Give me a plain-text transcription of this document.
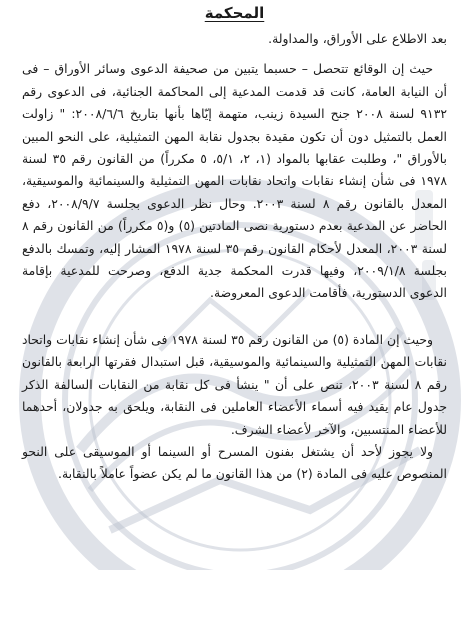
المحكمة

بعد الاطلاع على الأوراق، والمداولة.

حيث إن الوقائع تتحصل – حسبما يتبين من صحيفة الدعوى وسائر الأوراق – فى أن النيابة العامة، كانت قد قدمت المدعية إلى المحاكمة الجنائية، فى الدعوى رقم ٩١٣٢ لسنة ٢٠٠٨ جنح السيدة زينب، متهمة إيّاها بأنها بتاريخ ٢٠٠٨/٦/٦: " زاولت العمل بالتمثيل دون أن تكون مقيدة بجدول نقابة المهن التمثيلية، على النحو المبين بالأوراق "، وطلبت عقابها بالمواد (١، ٢، ٥/١، ٥ مكرراً) من القانون رقم ٣٥ لسنة ١٩٧٨ فى شأن إنشاء نقابات واتحاد نقابات المهن التمثيلية والسينمائية والموسيقية، المعدل بالقانون رقم ٨ لسنة ٢٠٠٣. وحال نظر الدعوى بجلسة ٢٠٠٨/٩/٧، دفع الحاضر عن المدعية بعدم دستورية نصى المادتين (٥) و(٥ مكرراً) من القانون رقم ٨ لسنة ٢٠٠٣، المعدل لأحكام القانون رقم ٣٥ لسنة ١٩٧٨ المشار إليه، وتمسك بالدفع بجلسة ٢٠٠٩/١/٨، وفيها قدرت المحكمة جدية الدفع، وصرحت للمدعية بإقامة الدعوى الدستورية، فأقامت الدعوى المعروضة.

وحيث إن المادة (٥) من القانون رقم ٣٥ لسنة ١٩٧٨ فى شأن إنشاء نقابات واتحاد نقابات المهن التمثيلية والسينمائية والموسيقية، قبل استبدال فقرتها الرابعة بالقانون رقم ٨ لسنة ٢٠٠٣، تنص على أن " ينشأ فى كل نقابة من النقابات السالفة الذكر جدول عام يقيد فيه أسماء الأعضاء العاملين فى النقابة، ويلحق به جدولان، أحدهما للأعضاء المنتسبين، والآخر لأعضاء الشرف.

ولا يجوز لأحد أن يشتغل بفنون المسرح أو السينما أو الموسيقى على النحو المنصوص عليه فى المادة (٢) من هذا القانون ما لم يكن عضواً عاملاً بالنقابة.
